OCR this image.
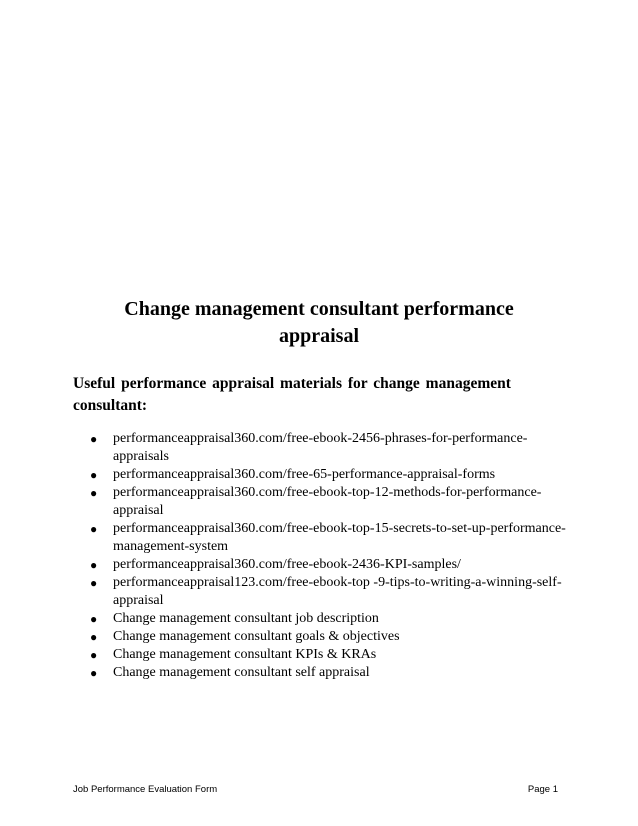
Change management consultant performance appraisal
Useful performance appraisal materials for change management consultant:
●	performanceappraisal360.com/free-ebook-2456-phrases-for-performance-appraisals
●	performanceappraisal360.com/free-65-performance-appraisal-forms
●	performanceappraisal360.com/free-ebook-top-12-methods-for-performance-appraisal
●	performanceappraisal360.com/free-ebook-top-15-secrets-to-set-up-performance-management-system
●	performanceappraisal360.com/free-ebook-2436-KPI-samples/
●	performanceappraisal123.com/free-ebook-top -9-tips-to-writing-a-winning-self-appraisal
●	Change management consultant job description
●	Change management consultant goals & objectives
●	Change management consultant KPIs & KRAs
●	Change management consultant self appraisal
Job Performance Evaluation Form	Page 1
